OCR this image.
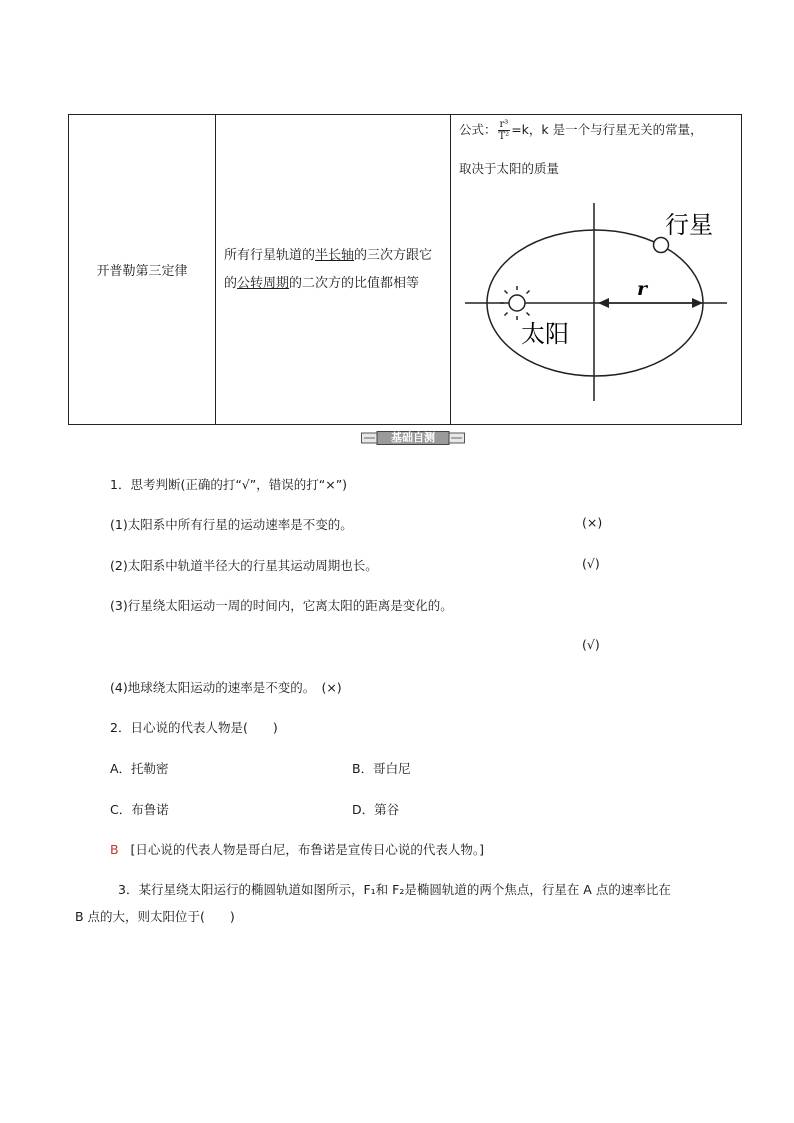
开普勒第三定律	所有行星轨道的半长轴的三次方跟它的公转周期的二次方的比值都相等	
公式： $\frac{\text{r³}}{\text{T²}} =k$，k 是一个与行星无关的常量，
取决于太阳的质量
r
行星
太阳
基础自测
1．思考判断(正确的打“√”，错误的打“×”)
(1)太阳系中所有行星的运动速率是不变的。	(×)
(2)太阳系中轨道半径大的行星其运动周期也长。	(√)
(3)行星绕太阳运动一周的时间内，它离太阳的距离是变化的。
(√)
(4)地球绕太阳运动的速率是不变的。　(×)
2．日心说的代表人物是(　　)
A．托勒密	B．哥白尼
C．布鲁诺	D．第谷
B [日心说的代表人物是哥白尼，布鲁诺是宣传日心说的代表人物。]
3．某行星绕太阳运行的椭圆轨道如图所示，F₁和 F₂是椭圆轨道的两个焦点，行星在 A 点的速率比在
B 点的大，则太阳位于(　　)
